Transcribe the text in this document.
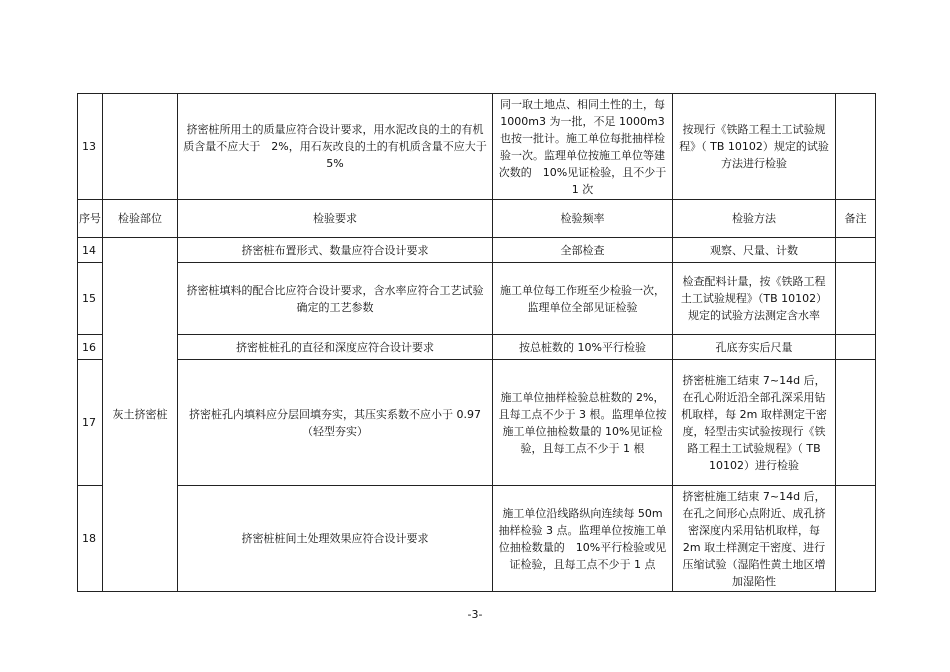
13		挤密桩所用土的质量应符合设计要求，用水泥改良的土的有机质含量不应大于　2%，用石灰改良的土的有机质含量不应大于　5%	同一取土地点、相同土性的土，每 1000m3 为一批，不足 1000m3 也按一批计。施工单位每批抽样检验一次。监理单位按施工单位等建次数的　10%见证检验，且不少于　1 次	按现行《铁路工程土工试验规程》（ TB 10102）规定的试验方法进行检验	
序号	检验部位	检验要求	检验频率	检验方法	备注
14	灰土挤密桩	挤密桩布置形式、数量应符合设计要求	全部检查	观察、尺量、计数	
15		挤密桩填料的配合比应符合设计要求，含水率应符合工艺试验确定的工艺参数	施工单位每工作班至少检验一次，监理单位全部见证检验	检查配料计量，按《铁路工程土工试验规程》（TB 10102）规定的试验方法测定含水率	
16		挤密桩桩孔的直径和深度应符合设计要求	按总桩数的 10%平行检验	孔底夯实后尺量	
17		挤密桩孔内填料应分层回填夯实，其压实系数不应小于 0.97（轻型夯实）	施工单位抽样检验总桩数的 2%，且每工点不少于 3 根。监理单位按施工单位抽检数量的 10%见证检验，且每工点不少于 1 根	挤密桩施工结束 7~14d 后，在孔心附近沿全部孔深采用钻机取样，每 2m 取样测定干密度，轻型击实试验按现行《铁路工程土工试验规程》（ TB 10102）进行检验	
18		挤密桩桩间土处理效果应符合设计要求	施工单位沿线路纵向连续每 50m 抽样检验 3 点。监理单位按施工单位抽检数量的　10%平行检验或见证检验，且每工点不少于 1 点	挤密桩施工结束 7~14d 后，在孔之间形心点附近、成孔挤密深度内采用钻机取样，每 2m 取土样测定干密度、进行压缩试验（湿陷性黄土地区增加湿陷性	
-3-
